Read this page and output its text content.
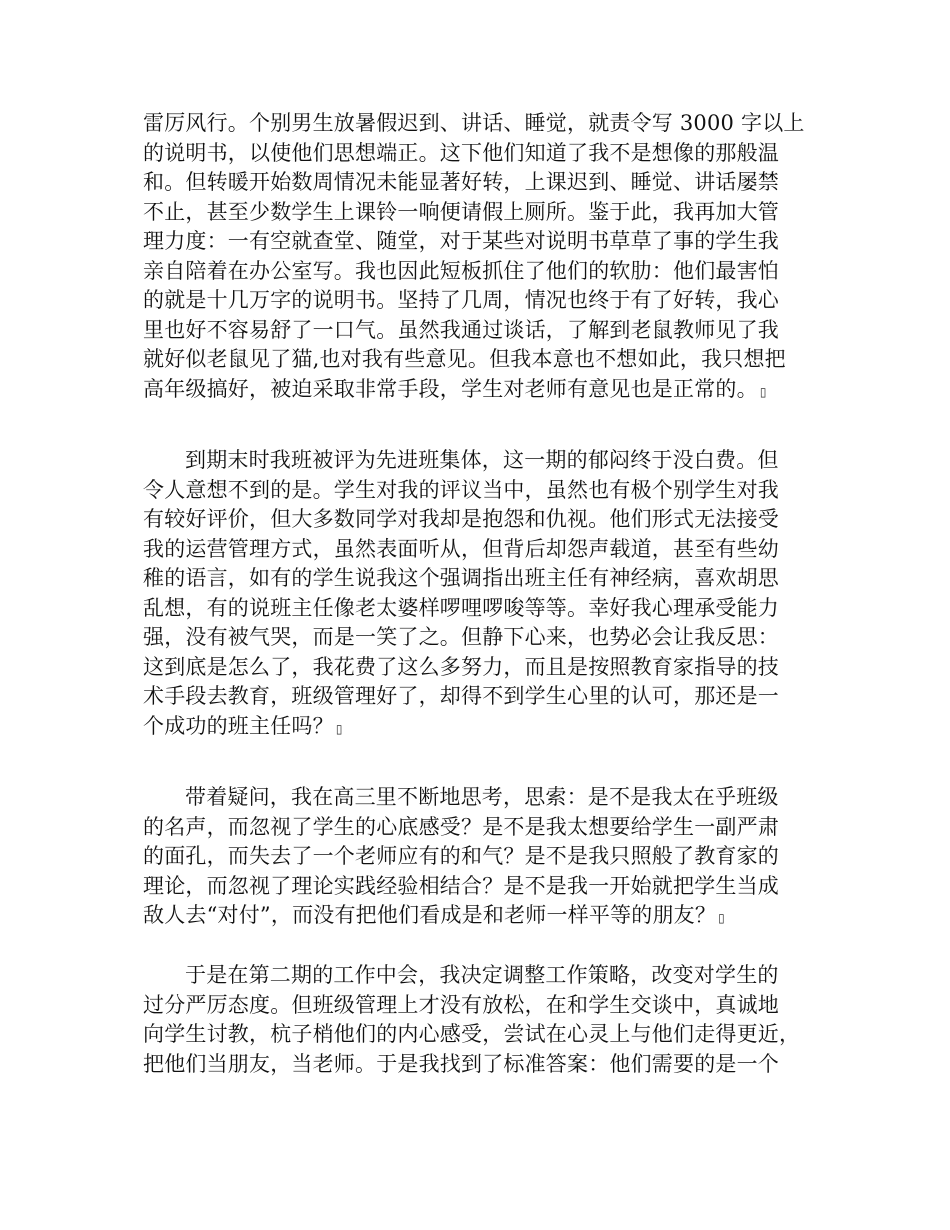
雷厉风行。个别男生放暑假迟到、讲话、睡觉，就责令写 3000 字以上
的说明书，以使他们思想端正。这下他们知道了我不是想像的那般温
和。但转暖开始数周情况未能显著好转，上课迟到、睡觉、讲话屡禁
不止，甚至少数学生上课铃一响便请假上厕所。鉴于此，我再加大管
理力度：一有空就查堂、随堂，对于某些对说明书草草了事的学生我
亲自陪着在办公室写。我也因此短板抓住了他们的软肋：他们最害怕
的就是十几万字的说明书。坚持了几周，情况也终于有了好转，我心
里也好不容易舒了一口气。虽然我通过谈话，了解到老鼠教师见了我
就好似老鼠见了猫,也对我有些意见。但我本意也不想如此，我只想把
高年级搞好，被迫采取非常手段，学生对老师有意见也是正常的。 ▯

到期末时我班被评为先进班集体，这一期的郁闷终于没白费。但
令人意想不到的是。学生对我的评议当中，虽然也有极个别学生对我
有较好评价，但大多数同学对我却是抱怨和仇视。他们形式无法接受
我的运营管理方式，虽然表面听从，但背后却怨声载道，甚至有些幼
稚的语言，如有的学生说我这个强调指出班主任有神经病，喜欢胡思
乱想，有的说班主任像老太婆样啰哩啰唆等等。幸好我心理承受能力
强，没有被气哭，而是一笑了之。但静下心来，也势必会让我反思：
这到底是怎么了，我花费了这么多努力，而且是按照教育家指导的技
术手段去教育，班级管理好了，却得不到学生心里的认可，那还是一
个成功的班主任吗？ ▯

带着疑问，我在高三里不断地思考，思索：是不是我太在乎班级
的名声，而忽视了学生的心底感受？是不是我太想要给学生一副严肃
的面孔，而失去了一个老师应有的和气？是不是我只照般了教育家的
理论，而忽视了理论实践经验相结合？是不是我一开始就把学生当成
敌人去“对付”，而没有把他们看成是和老师一样平等的朋友？ ▯

于是在第二期的工作中会，我决定调整工作策略，改变对学生的
过分严厉态度。但班级管理上才没有放松，在和学生交谈中，真诚地
向学生讨教，杭子梢他们的内心感受，尝试在心灵上与他们走得更近，
把他们当朋友，当老师。于是我找到了标准答案：他们需要的是一个
